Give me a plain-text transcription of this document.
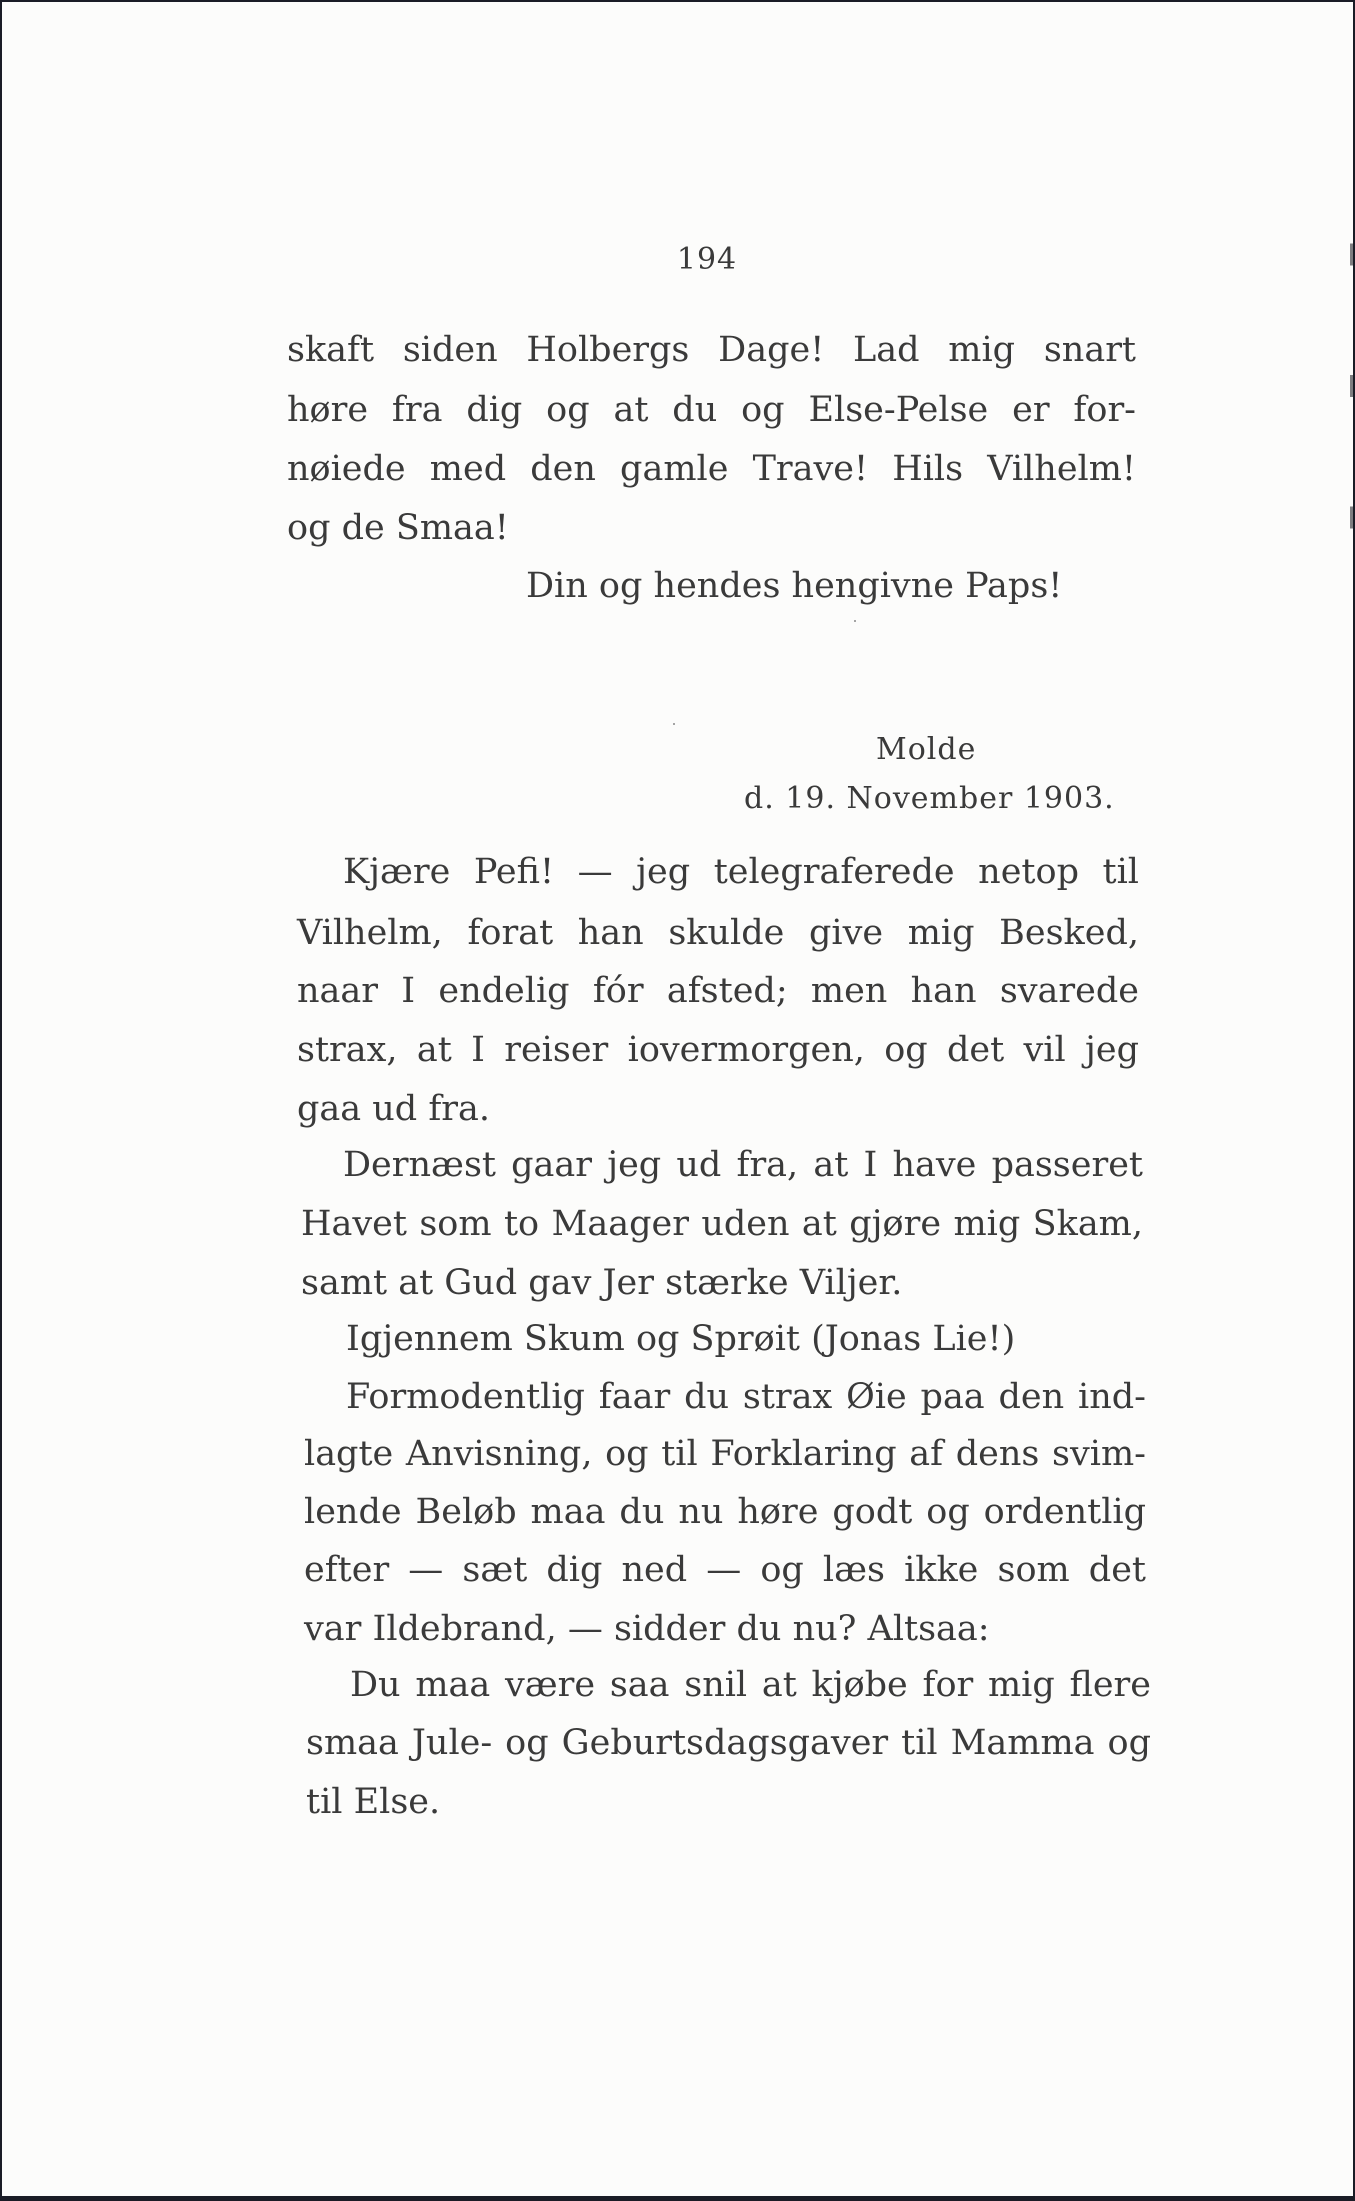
194
skaft siden Holbergs Dage! Lad mig snart
høre fra dig og at du og Else-Pelse er for-
nøiede med den gamle Trave! Hils Vilhelm!
og de Smaa!
Din og hendes hengivne Paps!
Molde
d. 19. November 1903.
Kjære Pefi! — jeg telegraferede netop til
Vilhelm, forat han skulde give mig Besked,
naar I endelig fór afsted; men han svarede
strax, at I reiser iovermorgen, og det vil jeg
gaa ud fra.
Dernæst gaar jeg ud fra, at I have passeret
Havet som to Maager uden at gjøre mig Skam,
samt at Gud gav Jer stærke Viljer.
Igjennem Skum og Sprøit (Jonas Lie!)
Formodentlig faar du strax Øie paa den ind-
lagte Anvisning, og til Forklaring af dens svim-
lende Beløb maa du nu høre godt og ordentlig
efter — sæt dig ned — og læs ikke som det
var Ildebrand, — sidder du nu? Altsaa:
Du maa være saa snil at kjøbe for mig flere
smaa Jule- og Geburtsdagsgaver til Mamma og
til Else.
